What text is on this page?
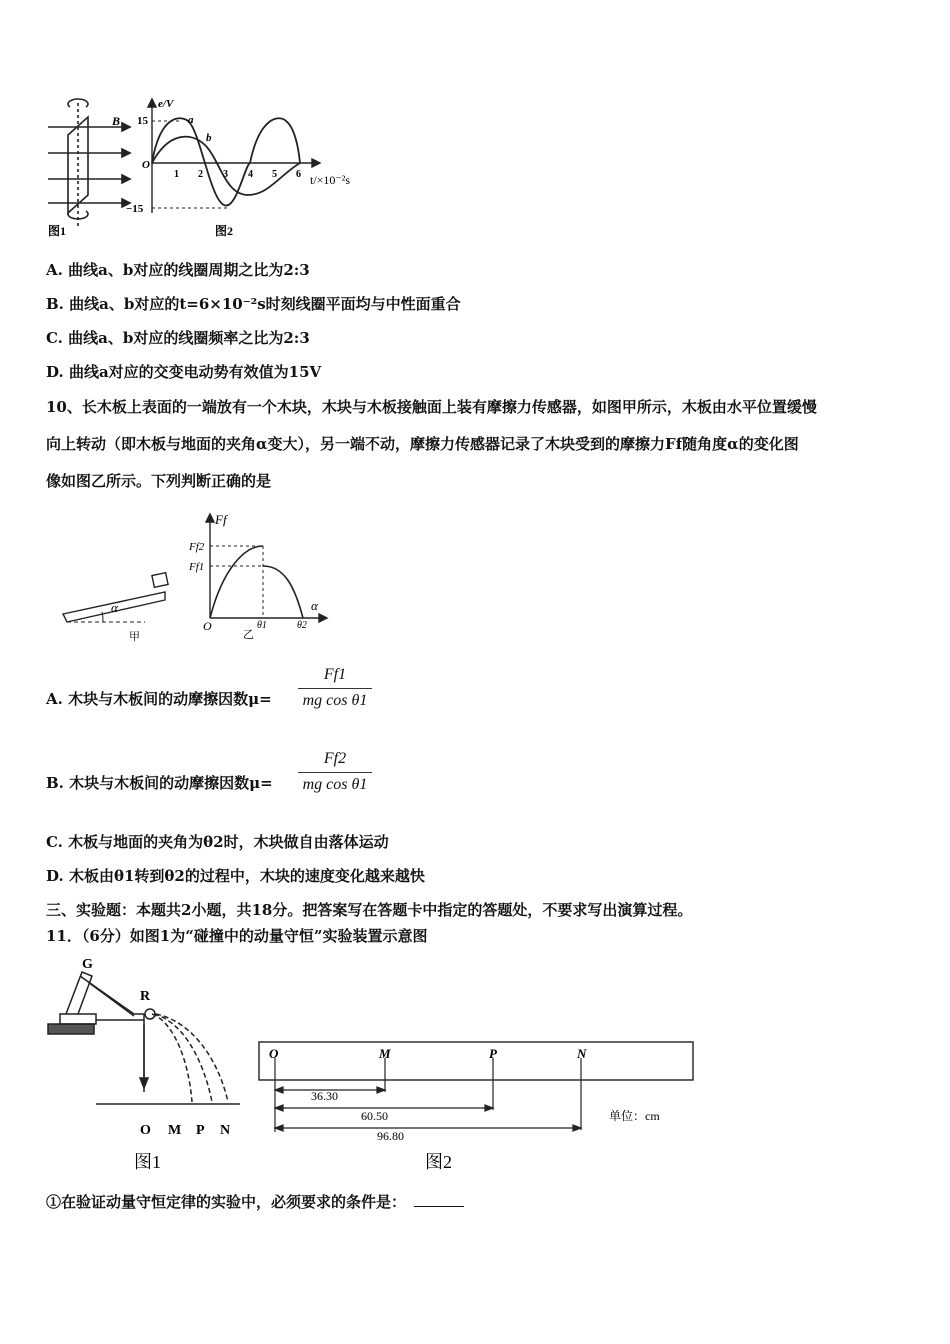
B
图1
e/V
15
−15
O
a
b
1 2 3 4 5 6 t/×10⁻²s
图2
A. 曲线a、b对应的线圈周期之比为2:3
B. 曲线a、b对应的t=6×10⁻²s时刻线圈平面均与中性面重合
C. 曲线a、b对应的线圈频率之比为2:3
D. 曲线a对应的交变电动势有效值为15V
10、长木板上表面的一端放有一个木块，木块与木板接触面上装有摩擦力传感器，如图甲所示，木板由水平位置缓慢
向上转动（即木板与地面的夹角α变大），另一端不动，摩擦力传感器记录了木块受到的摩擦力Ff随角度α的变化图
像如图乙所示。下列判断正确的是
α
甲
Ff
Ff2
Ff1
O	θ1	θ2
α
乙
A. 木块与木板间的动摩擦因数μ=
Ff1
mg cos θ1
B. 木块与木板间的动摩擦因数μ=
Ff2
mg cos θ1
C. 木板与地面的夹角为θ2时，木块做自由落体运动
D. 木板由θ1转到θ2的过程中，木块的速度变化越来越快
三、实验题：本题共2小题，共18分。把答案写在答题卡中指定的答题处，不要求写出演算过程。
11．（6分）如图1为“碰撞中的动量守恒”实验装置示意图
G
R
O M P N
图1
O	M	P	N
36.30
60.50
96.80
单位：cm
图2
①在验证动量守恒定律的实验中，必须要求的条件是：
